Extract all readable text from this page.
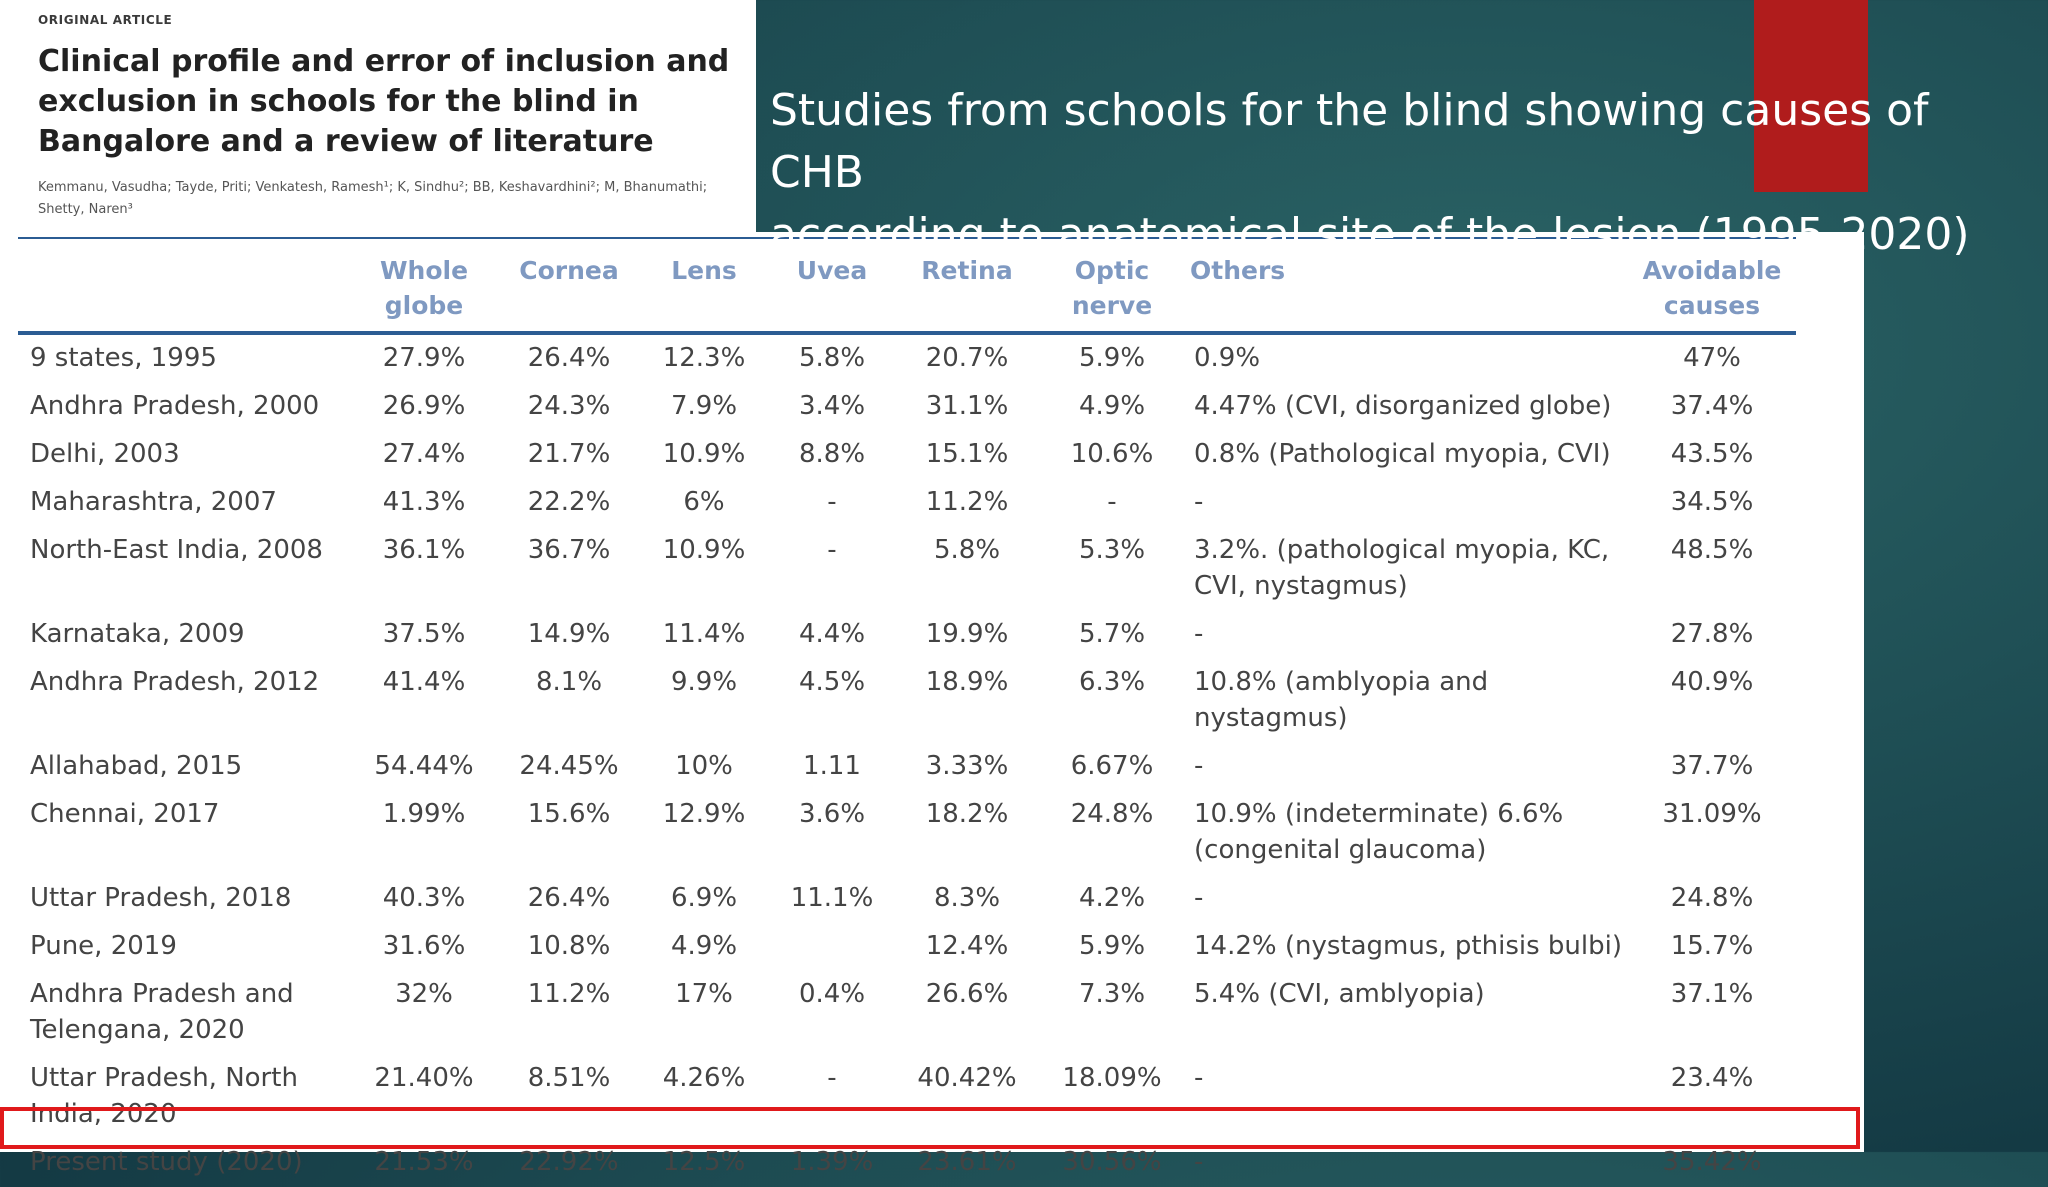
Studies from schools for the blind showing causes of CHB
according to anatomical site of the lesion (1995-2020)
ORIGINAL ARTICLE
Clinical profile and error of inclusion and exclusion in schools for the blind in Bangalore and a review of literature
Kemmanu, Vasudha; Tayde, Priti; Venkatesh, Ramesh¹; K, Sindhu²; BB, Keshavardhini²; M, Bhanumathi; Shetty, Naren³
	Whole globe	Cornea	Lens	Uvea	Retina	Optic nerve	Others	Avoidable causes
9 states, 1995	27.9%	26.4%	12.3%	5.8%	20.7%	5.9%	0.9%	47%
Andhra Pradesh, 2000	26.9%	24.3%	7.9%	3.4%	31.1%	4.9%	4.47% (CVI, disorganized globe)	37.4%
Delhi, 2003	27.4%	21.7%	10.9%	8.8%	15.1%	10.6%	0.8% (Pathological myopia, CVI)	43.5%
Maharashtra, 2007	41.3%	22.2%	6%	-	11.2%	-	-	34.5%
North-East India, 2008	36.1%	36.7%	10.9%	-	5.8%	5.3%	3.2%. (pathological myopia, KC, CVI, nystagmus)	48.5%
Karnataka, 2009	37.5%	14.9%	11.4%	4.4%	19.9%	5.7%	-	27.8%
Andhra Pradesh, 2012	41.4%	8.1%	9.9%	4.5%	18.9%	6.3%	10.8% (amblyopia and nystagmus)	40.9%
Allahabad, 2015	54.44%	24.45%	10%	1.11	3.33%	6.67%	-	37.7%
Chennai, 2017	1.99%	15.6%	12.9%	3.6%	18.2%	24.8%	10.9% (indeterminate) 6.6% (congenital glaucoma)	31.09%
Uttar Pradesh, 2018	40.3%	26.4%	6.9%	11.1%	8.3%	4.2%	-	24.8%
Pune, 2019	31.6%	10.8%	4.9%		12.4%	5.9%	14.2% (nystagmus, pthisis bulbi)	15.7%
Andhra Pradesh and Telengana, 2020	32%	11.2%	17%	0.4%	26.6%	7.3%	5.4% (CVI, amblyopia)	37.1%
Uttar Pradesh, North India, 2020	21.40%	8.51%	4.26%	-	40.42%	18.09%	-	23.4%
Present study (2020)	21.53%	22.92%	12.5%	1.39%	23.61%	30.56%	-	35.42%
